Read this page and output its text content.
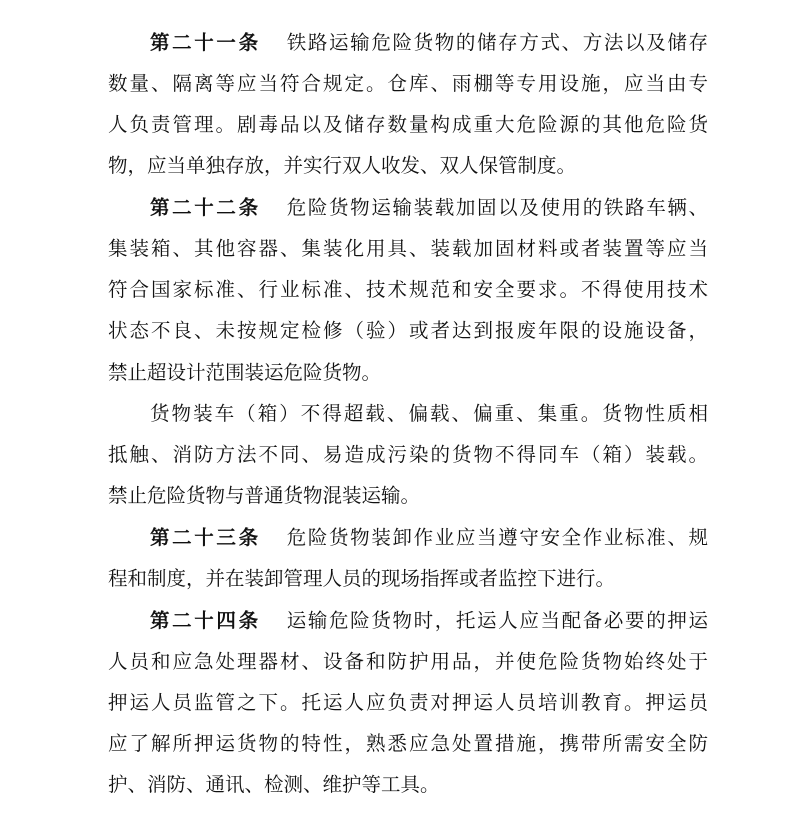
第二十一条 铁路运输危险货物的储存方式、方法以及储存
数量、隔离等应当符合规定。仓库、雨棚等专用设施，应当由专
人负责管理。剧毒品以及储存数量构成重大危险源的其他危险货
物，应当单独存放，并实行双人收发、双人保管制度。
第二十二条 危险货物运输装载加固以及使用的铁路车辆、
集装箱、其他容器、集装化用具、装载加固材料或者装置等应当
符合国家标准、行业标准、技术规范和安全要求。不得使用技术
状态不良、未按规定检修（验）或者达到报废年限的设施设备，
禁止超设计范围装运危险货物。
货物装车（箱）不得超载、偏载、偏重、集重。货物性质相
抵触、消防方法不同、易造成污染的货物不得同车（箱）装载。
禁止危险货物与普通货物混装运输。
第二十三条 危险货物装卸作业应当遵守安全作业标准、规
程和制度，并在装卸管理人员的现场指挥或者监控下进行。
第二十四条 运输危险货物时，托运人应当配备必要的押运
人员和应急处理器材、设备和防护用品，并使危险货物始终处于
押运人员监管之下。托运人应负责对押运人员培训教育。押运员
应了解所押运货物的特性，熟悉应急处置措施，携带所需安全防
护、消防、通讯、检测、维护等工具。
